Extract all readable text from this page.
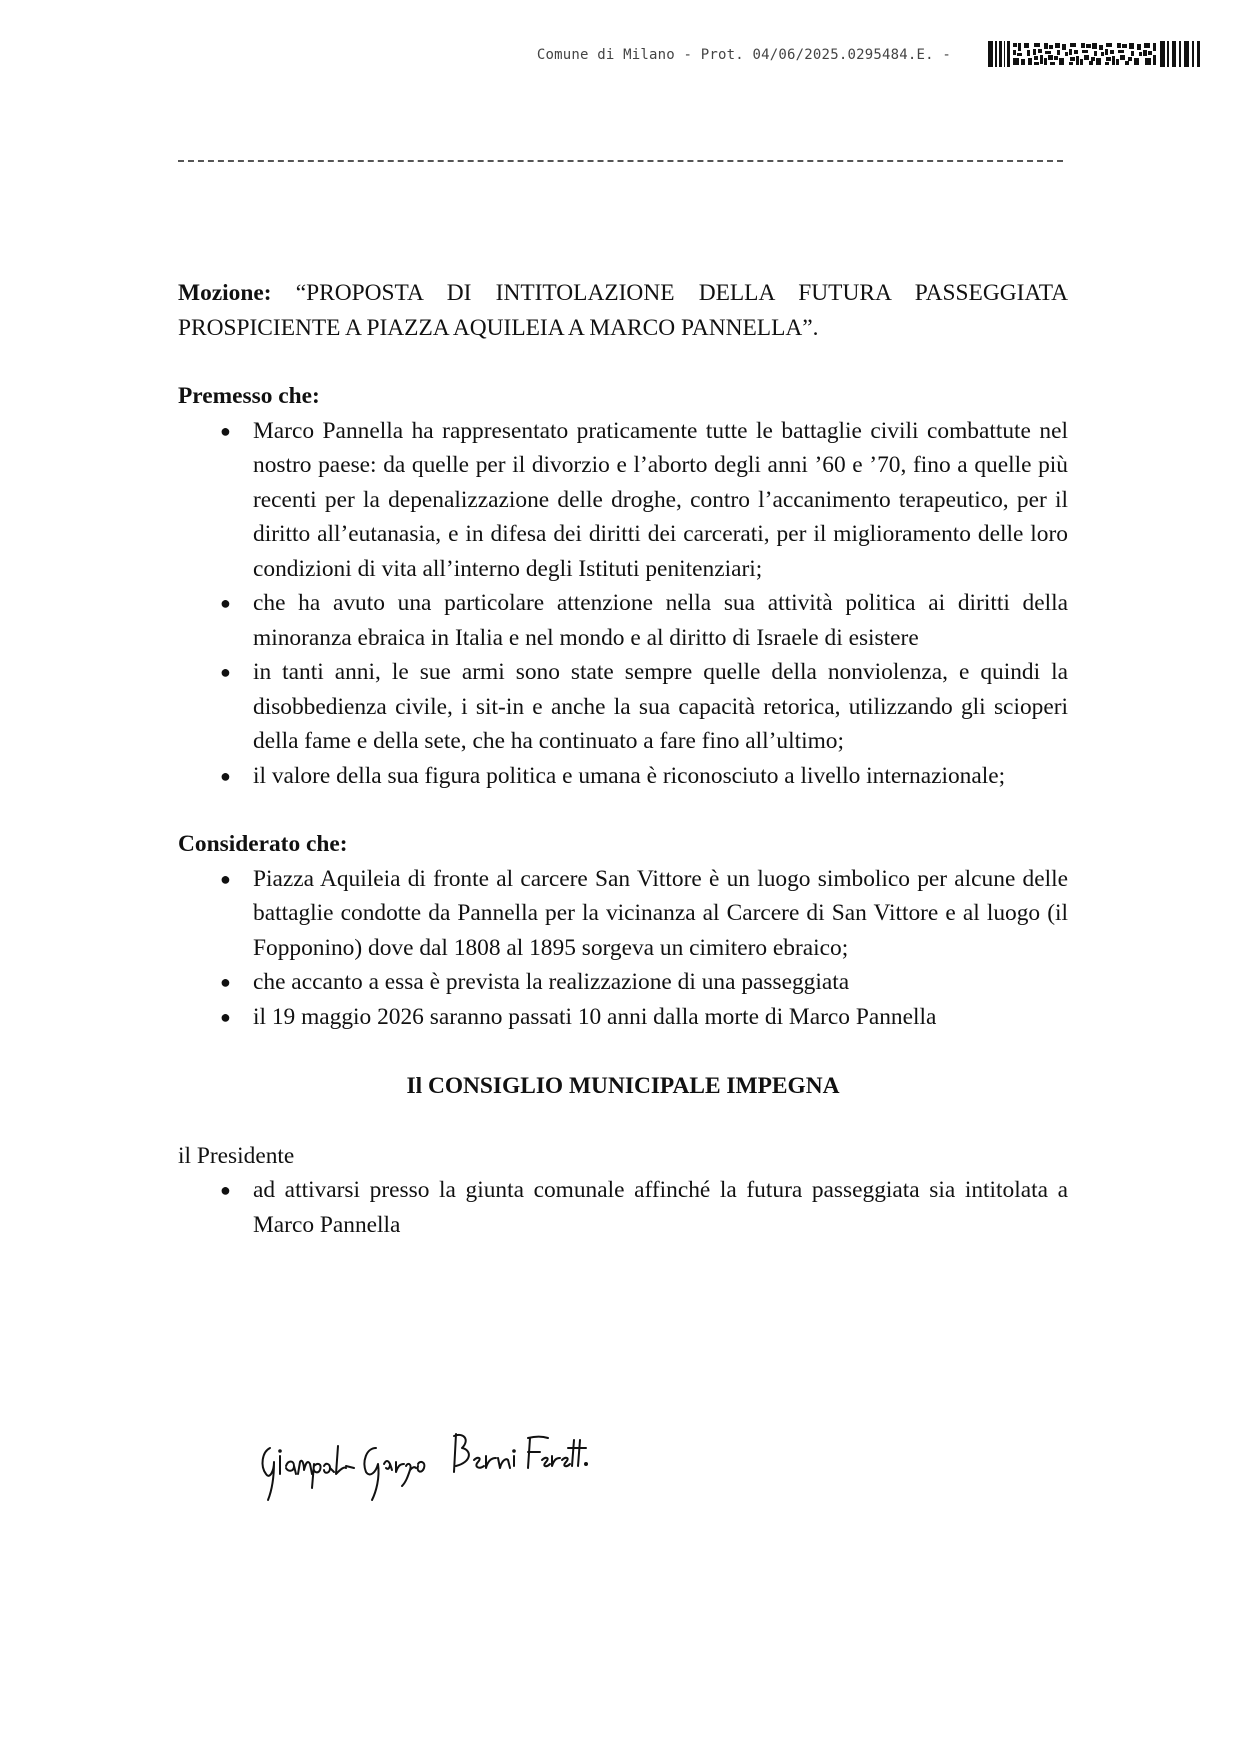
Comune di Milano - Prot. 04/06/2025.0295484.E. -

Mozione: “PROPOSTA DI INTITOLAZIONE DELLA FUTURA PASSEGGIATA PROSPICIENTE A PIAZZA AQUILEIA A MARCO PANNELLA”.

Premesso che:

● Marco Pannella ha rappresentato praticamente tutte le battaglie civili combattute nel nostro paese: da quelle per il divorzio e l’aborto degli anni ’60 e ’70, fino a quelle più recenti per la depenalizzazione delle droghe, contro l’accanimento terapeutico, per il diritto all’eutanasia, e in difesa dei diritti dei carcerati, per il miglioramento delle loro condizioni di vita all’interno degli Istituti penitenziari;
● che ha avuto una particolare attenzione nella sua attività politica ai diritti della minoranza ebraica in Italia e nel mondo e al diritto di Israele di esistere
● in tanti anni, le sue armi sono state sempre quelle della nonviolenza, e quindi la disobbedienza civile, i sit-in e anche la sua capacità retorica, utilizzando gli scioperi della fame e della sete, che ha continuato a fare fino all’ultimo;
● il valore della sua figura politica e umana è riconosciuto a livello internazionale;

Considerato che:

● Piazza Aquileia di fronte al carcere San Vittore è un luogo simbolico per alcune delle battaglie condotte da Pannella per la vicinanza al Carcere di San Vittore e al luogo (il Fopponino) dove dal 1808 al 1895 sorgeva un cimitero ebraico;
● che accanto a essa è prevista la realizzazione di una passeggiata
● il 19 maggio 2026 saranno passati 10 anni dalla morte di Marco Pannella

Il CONSIGLIO MUNICIPALE IMPEGNA

il Presidente

● ad attivarsi presso la giunta comunale affinché la futura passeggiata sia intitolata a Marco Pannella
